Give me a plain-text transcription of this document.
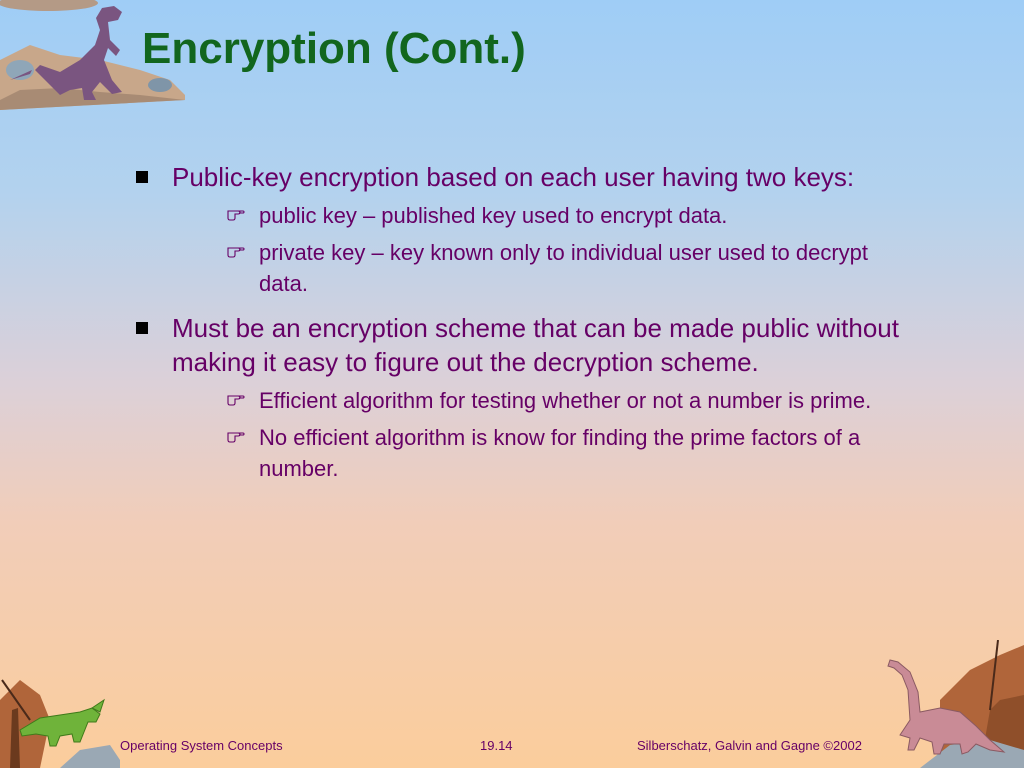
Encryption (Cont.)
Public-key encryption based on each user having two keys:
public key – published key used to encrypt data.
private key – key known only to individual user used to decrypt data.
Must be an encryption scheme that can be made public without making it easy to figure out the decryption scheme.
Efficient algorithm for testing whether or not a number is prime.
No efficient algorithm is know for finding the prime factors of a number.
Operating System Concepts	19.14	Silberschatz, Galvin and Gagne ©2002
